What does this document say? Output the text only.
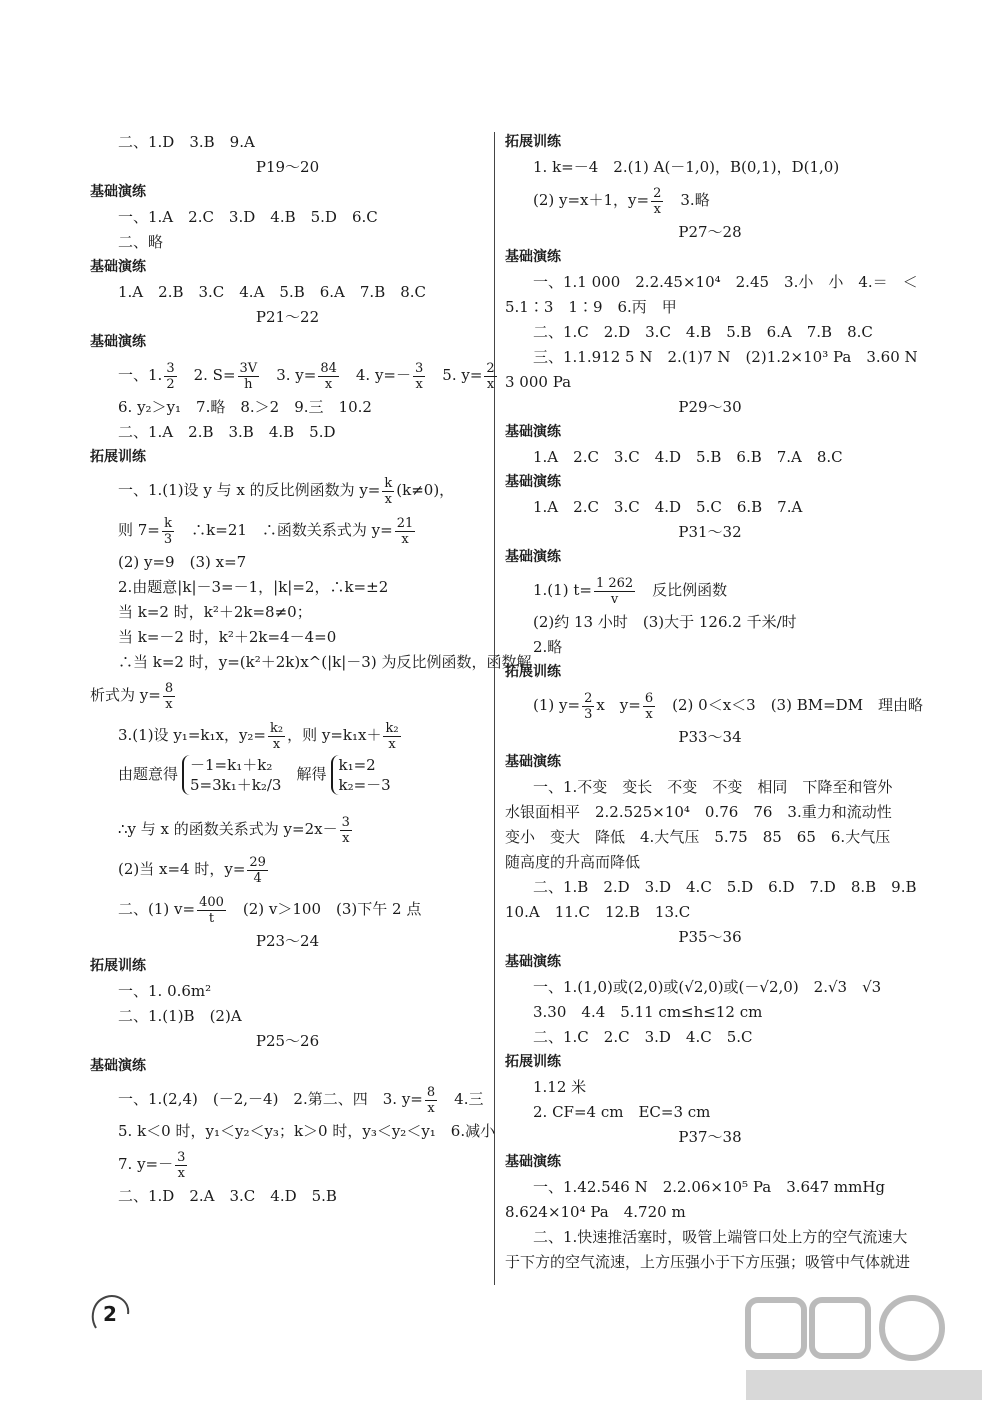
二、1.D　3.B　9.A
P19～20
基础演练
一、1.A　2.C　3.D　4.B　5.D　6.C
二、略
基础演练
1.A　2.B　3.C　4.A　5.B　6.A　7.B　8.C
P21～22
基础演练
一、1. $\frac{3}{2}$ 　2. $S= \frac{3V}{h}$ 　3. $y= \frac{84}{x}$ 　4. $y=- \frac{3}{x}$ 　5. $y= \frac{2}{x}$
6. y₂＞y₁　7.略　8.＞2　9.三　10.2
二、1.A　2.B　3.B　4.B　5.D
拓展训练
一、1.(1)设 y 与 x 的反比例函数为 $y= \frac{k}{x} (k\ne 0)$，
则 $7= \frac{k}{3}$ 　∴k=21　∴函数关系式为 $y= \frac{21}{x}$
(2) y=9　(3) x=7
2.由题意|k|－3=－1，|k|=2，∴k=±2
当 k=2 时，k²＋2k=8≠0；
当 k=－2 时，k²＋2k=4－4=0
∴当 k=2 时，y=(k²＋2k)x^(|k|－3) 为反比例函数，函数解
析式为 $y= \frac{8}{x}$
3.(1)设 y₁=k₁x，$y_2= \frac{\text{k₂}}{x}$ ，则 $y=k_1x+ \frac{\text{k₂}}{x}$
由题意得 －1=k₁＋k₂
5=3k₁＋k₂/3
　解得 k₁=2
k₂=－3
∴y 与 x 的函数关系式为 $y=2x- \frac{3}{x}$
(2)当 x=4 时，$y= \frac{29}{4}$
二、(1) $v= \frac{400}{t}$ 　(2) v＞100　(3)下午 2 点
P23～24
拓展训练
一、1. 0.6m²
二、1.(1)B　(2)A
P25～26
基础演练
一、1.(2,4)　(－2,－4)　2.第二、四　3. $y= \frac{8}{x}$ 　4.三
5. k＜0 时，y₁＜y₂＜y₃；k＞0 时，y₃＜y₂＜y₁　6.减小
7. $y=- \frac{3}{x}$
二、1.D　2.A　3.C　4.D　5.B
拓展训练
1. k=－4　2.(1) A(－1,0)，B(0,1)，D(1,0)
(2) y=x＋1，$y= \frac{2}{x}$ 　3.略
P27～28
基础演练
一、1.1 000　2.2.45×10⁴　2.45　3.小　小　4.＝　＜
5.1∶3　1∶9　6.丙　甲
二、1.C　2.D　3.C　4.B　5.B　6.A　7.B　8.C
三、1.1.912 5 N　2.(1)7 N　(2)1.2×10³ Pa　3.60 N
3 000 Pa
P29～30
基础演练
1.A　2.C　3.C　4.D　5.B　6.B　7.A　8.C
基础演练
1.A　2.C　3.C　4.D　5.C　6.B　7.A
P31～32
基础演练
1.(1) $t= \frac{1 262}{v}$ 　反比例函数
(2)约 13 小时　(3)大于 126.2 千米/时
2.略
拓展训练
(1) $y= \frac{2}{3}$ x　$y= \frac{6}{x}$ 　(2) 0＜x＜3　(3) BM=DM　理由略
P33～34
基础演练
一、1.不变　变长　不变　不变　相同　下降至和管外
水银面相平　2.2.525×10⁴　0.76　76　3.重力和流动性
变小　变大　降低　4.大气压　5.75　85　65　6.大气压
随高度的升高而降低
二、1.B　2.D　3.D　4.C　5.D　6.D　7.D　8.B　9.B
10.A　11.C　12.B　13.C
P35～36
基础演练
一、1.(1,0)或(2,0)或(√2,0)或(－√2,0)　2.√3　√3
3.30　4.4　5.11 cm≤h≤12 cm
二、1.C　2.C　3.D　4.C　5.C
拓展训练
1.12 米
2. CF=4 cm　EC=3 cm
P37～38
基础演练
一、1.42.546 N　2.2.06×10⁵ Pa　3.647 mmHg
8.624×10⁴ Pa　4.720 m
二、1.快速推活塞时，吸管上端管口处上方的空气流速大
于下方的空气流速，上方压强小于下方压强；吸管中气体就进
2
